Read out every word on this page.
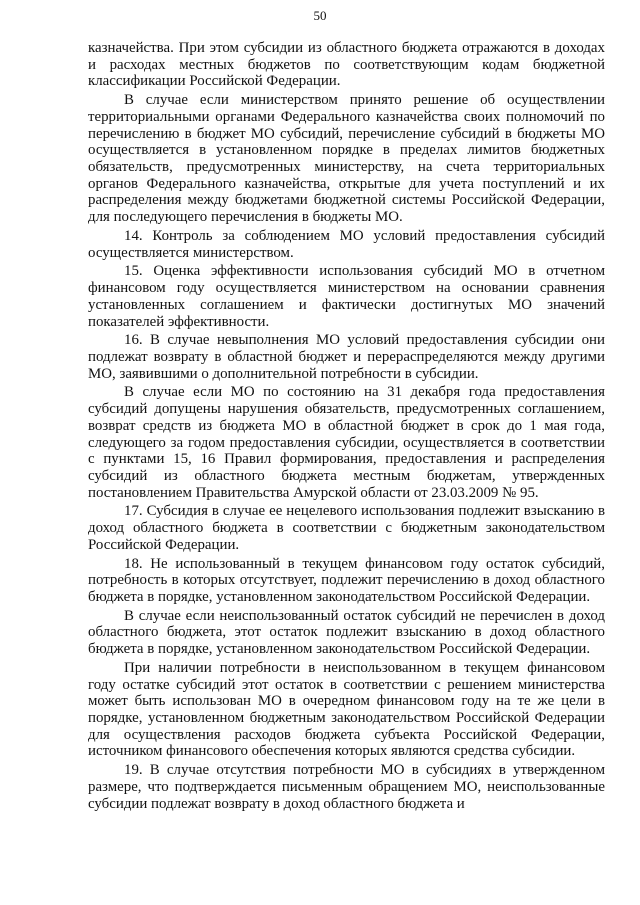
50

казначейства. При этом субсидии из областного бюджета отражаются в доходах и расходах местных бюджетов по соответствующим кодам бюджетной классификации Российской Федерации.

В случае если министерством принято решение об осуществлении территориальными органами Федерального казначейства своих полномочий по перечислению в бюджет МО субсидий, перечисление субсидий в бюджеты МО осуществляется в установленном порядке в пределах лимитов бюджетных обязательств, предусмотренных министерству, на счета территориальных органов Федерального казначейства, открытые для учета поступлений и их распределения между бюджетами бюджетной системы Российской Федерации, для последующего перечисления в бюджеты МО.

14. Контроль за соблюдением МО условий предоставления субсидий осуществляется министерством.

15. Оценка эффективности использования субсидий МО в отчетном финансовом году осуществляется министерством на основании сравнения установленных соглашением и фактически достигнутых МО значений показателей эффективности.

16. В случае невыполнения МО условий предоставления субсидии они подлежат возврату в областной бюджет и перераспределяются между другими МО, заявившими о дополнительной потребности в субсидии.

В случае если МО по состоянию на 31 декабря года предоставления субсидий допущены нарушения обязательств, предусмотренных соглашением, возврат средств из бюджета МО в областной бюджет в срок до 1 мая года, следующего за годом предоставления субсидии, осуществляется в соответствии с пунктами 15, 16 Правил формирования, предоставления и распределения субсидий из областного бюджета местным бюджетам, утвержденных постановлением Правительства Амурской области от 23.03.2009 № 95.

17. Субсидия в случае ее нецелевого использования подлежит взысканию в доход областного бюджета в соответствии с бюджетным законодательством Российской Федерации.

18. Не использованный в текущем финансовом году остаток субсидий, потребность в которых отсутствует, подлежит перечислению в доход областного бюджета в порядке, установленном законодательством Российской Федерации.

В случае если неиспользованный остаток субсидий не перечислен в доход областного бюджета, этот остаток подлежит взысканию в доход областного бюджета в порядке, установленном законодательством Российской Федерации.

При наличии потребности в неиспользованном в текущем финансовом году остатке субсидий этот остаток в соответствии с решением министерства может быть использован МО в очередном финансовом году на те же цели в порядке, установленном бюджетным законодательством Российской Федерации для осуществления расходов бюджета субъекта Российской Федерации, источником финансового обеспечения которых являются средства субсидии.

19. В случае отсутствия потребности МО в субсидиях в утвержденном размере, что подтверждается письменным обращением МО, неиспользованные субсидии подлежат возврату в доход областного бюджета и
